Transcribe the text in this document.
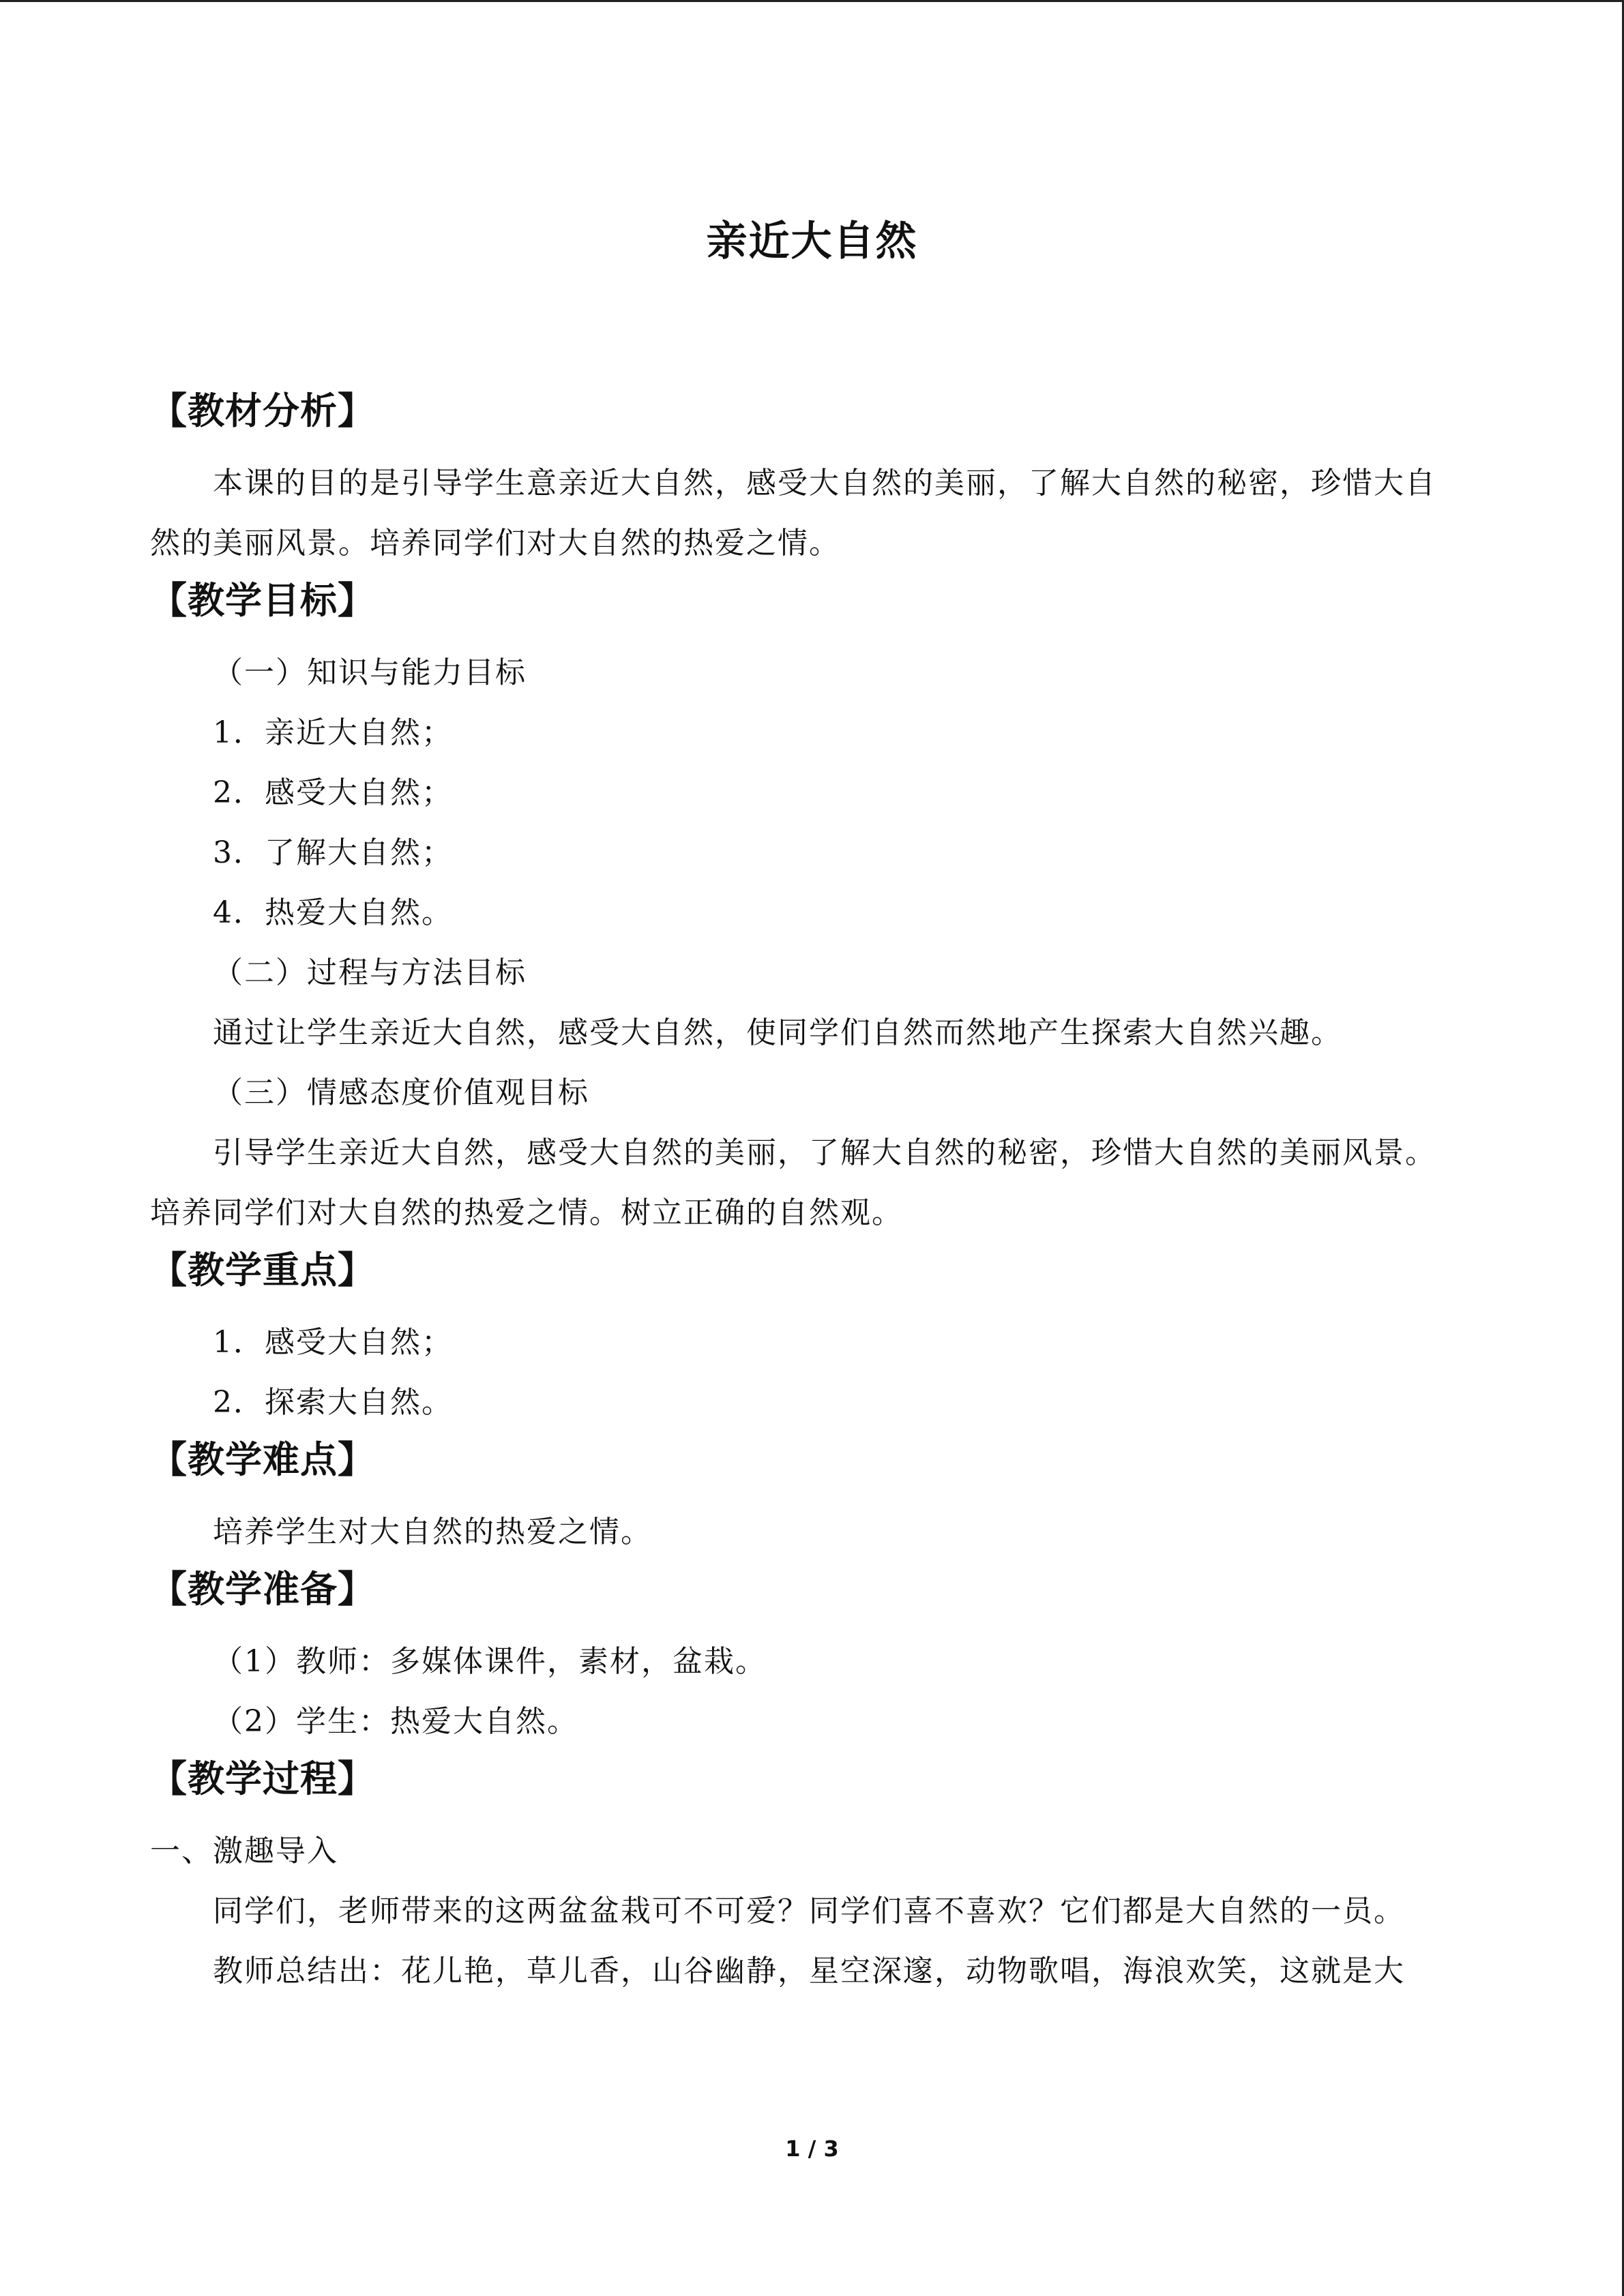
亲近大自然
【教材分析】

本课的目的是引导学生意亲近大自然，感受大自然的美丽，了解大自然的秘密，珍惜大自然的美丽风景。培养同学们对大自然的热爱之情。

【教学目标】
（一）知识与能力目标
1．亲近大自然；
2．感受大自然；
3．了解大自然；
4．热爱大自然。
（二）过程与方法目标
通过让学生亲近大自然，感受大自然，使同学们自然而然地产生探索大自然兴趣。
（三）情感态度价值观目标

引导学生亲近大自然，感受大自然的美丽，了解大自然的秘密，珍惜大自然的美丽风景。培养同学们对大自然的热爱之情。树立正确的自然观。

【教学重点】
1．感受大自然；
2．探索大自然。
【教学难点】
培养学生对大自然的热爱之情。
【教学准备】
（1）教师：多媒体课件，素材，盆栽。
（2）学生：热爱大自然。
【教学过程】
一、激趣导入
同学们，老师带来的这两盆盆栽可不可爱？同学们喜不喜欢？它们都是大自然的一员。
教师总结出：花儿艳，草儿香，山谷幽静，星空深邃，动物歌唱，海浪欢笑，这就是大
1 / 3
